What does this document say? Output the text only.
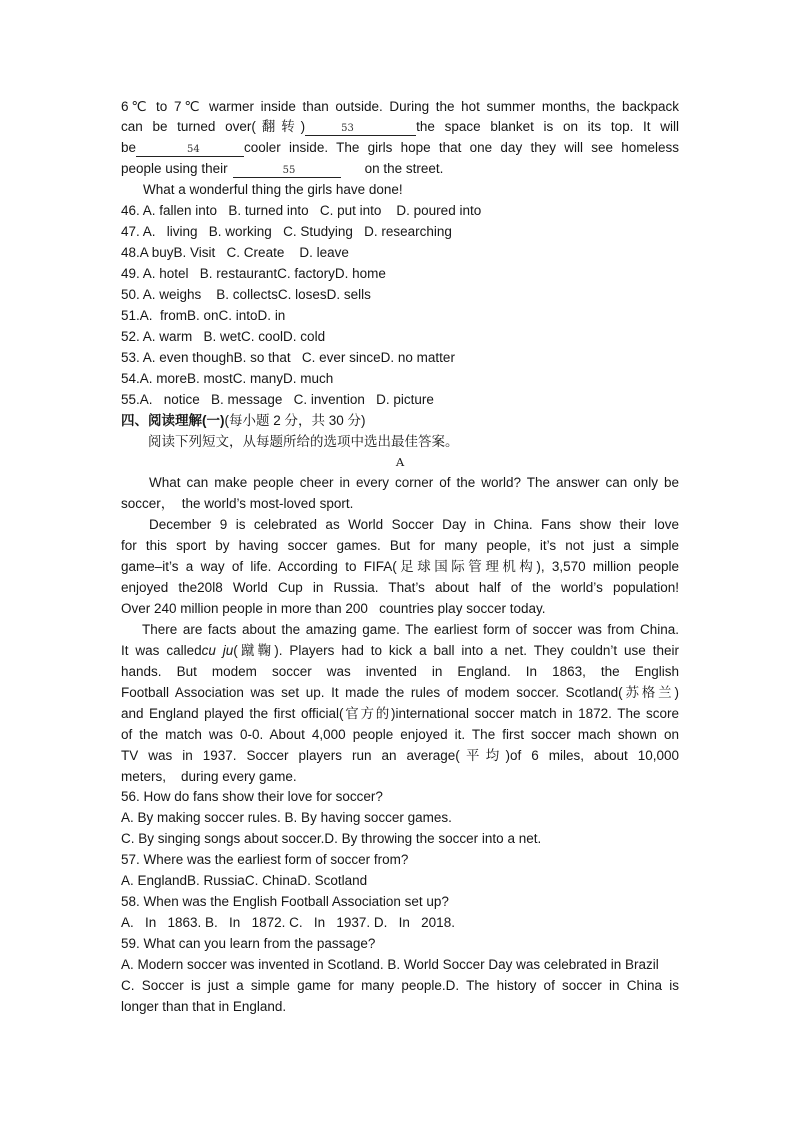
6℃ to 7℃ warmer inside than outside. During the hot summer months, the backpack
can be turned over(翻转)	53	the space blanket is on its top. It will
be	54	cooler inside. The girls hope that one day they will see homeless
people using their	55	on the street.
What a wonderful thing the girls have done!
46. A. fallen into   B. turned into   C. put into    D. poured into
47. A.   living   B. working   C. Studying   D. researching
48.A buyB. Visit   C. Create    D. leave
49. A. hotel   B. restaurantC. factoryD. home
50. A. weighs    B. collectsC. losesD. sells
51.A.  fromB. onC. intoD. in
52. A. warm   B. wetC. coolD. cold
53. A. even thoughB. so that   C. ever sinceD. no matter
54.A. moreB. mostC. manyD. much
55.A.   notice   B. message   C. invention   D. picture
四、阅读理解(一)(每小题 2 分，共 30 分)
阅读下列短文，从每题所给的选项中选出最佳答案。
A
What can make people cheer in every corner of the world? The answer can only be
soccer，  the world’s most-loved sport.
December 9 is celebrated as World Soccer Day in China. Fans show their love
for this sport by having soccer games. But for many people, it’s not just a simple
game–it’s a way of life. According to FIFA(足球国际管理机构), 3,570 million people
enjoyed the20l8 World Cup in Russia. That’s about half of the world’s population!
Over 240 million people in more than 200   countries play soccer today.
There are facts about the amazing game. The earliest form of soccer was from China.
It was calledcu ju(蹴鞠). Players had to kick a ball into a net. They couldn’t use their
hands. But modem soccer was invented in England. In 1863, the English
Football Association was set up. It made the rules of modem soccer. Scotland(苏格兰)
and England played the first official(官方的)international soccer match in 1872. The score
of the match was 0-0. About 4,000 people enjoyed it. The first soccer mach shown on
TV was in 1937. Soccer players run an average(平均)of 6 miles, about 10,000
meters,    during every game.
56. How do fans show their love for soccer?
A. By making soccer rules. B. By having soccer games.
C. By singing songs about soccer.D. By throwing the soccer into a net.
57. Where was the earliest form of soccer from?
A. EnglandB. RussiaC. ChinaD. Scotland
58. When was the English Football Association set up?
A.   In   1863. B.   In   1872. C.   In   1937. D.   In   2018.
59. What can you learn from the passage?
A. Modern soccer was invented in Scotland. B. World Soccer Day was celebrated in Brazil
C. Soccer is just a simple game for many people.D. The history of soccer in China is
longer than that in England.
